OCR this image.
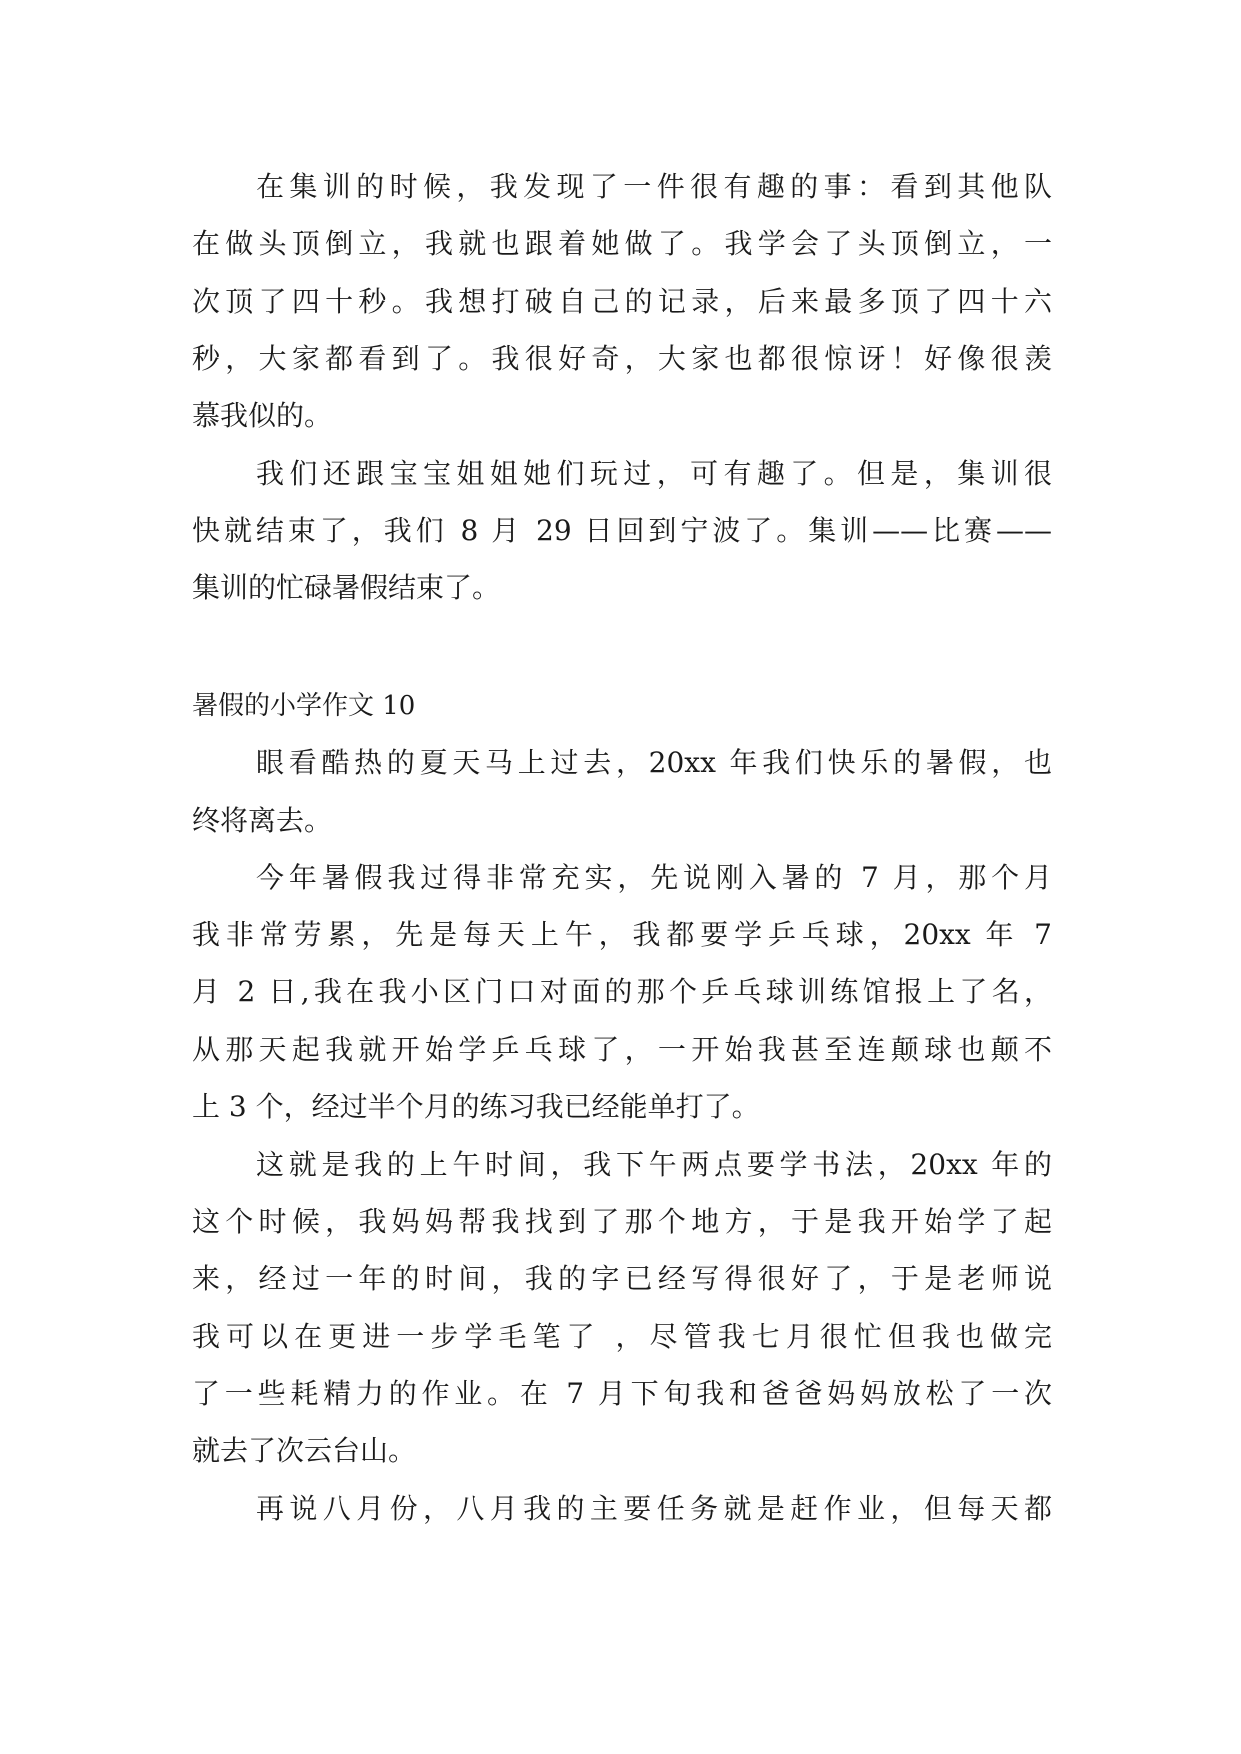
在集训的时候，我发现了一件很有趣的事：看到其他队
在做头顶倒立，我就也跟着她做了。我学会了头顶倒立，一
次顶了四十秒。我想打破自己的记录，后来最多顶了四十六
秒，大家都看到了。我很好奇，大家也都很惊讶！好像很羡
慕我似的。
我们还跟宝宝姐姐她们玩过，可有趣了。但是，集训很
快就结束了，我们 8 月 29 日回到宁波了。集训——比赛——
集训的忙碌暑假结束了。
暑假的小学作文 10
眼看酷热的夏天马上过去，20xx 年我们快乐的暑假，也
终将离去。
今年暑假我过得非常充实，先说刚入暑的 7 月，那个月
我非常劳累，先是每天上午，我都要学乒乓球，20xx 年 7
月 2 日,我在我小区门口对面的那个乒乓球训练馆报上了名，
从那天起我就开始学乒乓球了，一开始我甚至连颠球也颠不
上 3 个，经过半个月的练习我已经能单打了。
这就是我的上午时间，我下午两点要学书法，20xx 年的
这个时候，我妈妈帮我找到了那个地方，于是我开始学了起
来，经过一年的时间，我的字已经写得很好了，于是老师说
我可以在更进一步学毛笔了 ，尽管我七月很忙但我也做完
了一些耗精力的作业。在 7 月下旬我和爸爸妈妈放松了一次
就去了次云台山。
再说八月份，八月我的主要任务就是赶作业，但每天都
